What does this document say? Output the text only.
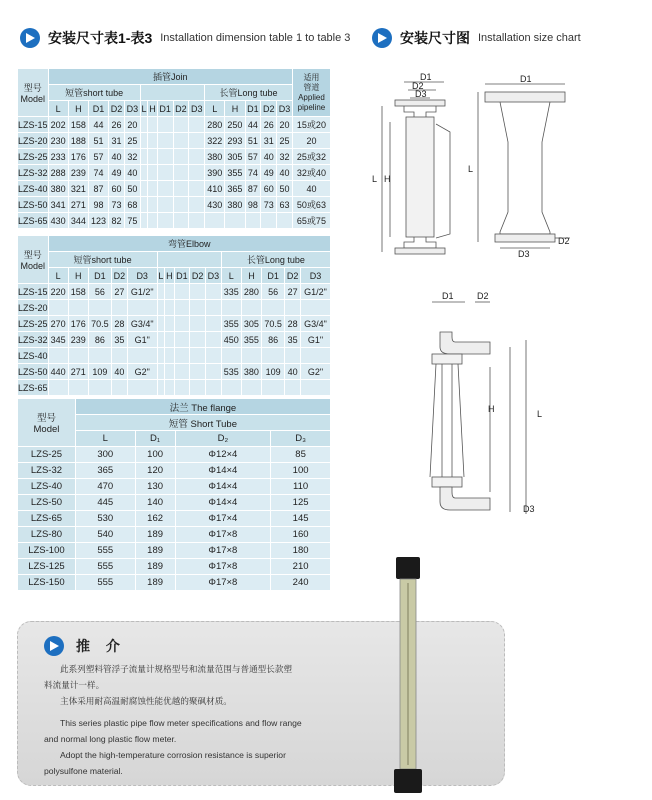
安装尺寸表1-表3 Installation dimension table 1 to table 3	安装尺寸图 Installation size chart
型号
Model	插管Join															适用
管道
Applied
pipeline
	短管short tube										长管Long tube					
	L	H	D1	D2	D3	L	H	D1	D2	D3	L	H	D1	D2	D3	
LZS-15	202	158	44	26	20						280	250	44	26	20	15或20
LZS-20	230	188	51	31	25						322	293	51	31	25	20
LZS-25	233	176	57	40	32						380	305	57	40	32	25或32
LZS-32	288	239	74	49	40						390	355	74	49	40	32或40
LZS-40	380	321	87	60	50						410	365	87	60	50	40
LZS-50	341	271	98	73	68						430	380	98	73	63	50或63
LZS-65	430	344	123	82	75											65或75
型号
Model	弯管Elbow														
	短管short tube										长管Long tube				
	L	H	D1	D2	D3	L	H	D1	D2	D3	L	H	D1	D2	D3
LZS-15	220	158	56	27	G1/2"						335	280	56	27	G1/2"
LZS-20															
LZS-25	270	176	70.5	28	G3/4"						355	305	70.5	28	G3/4"
LZS-32	345	239	86	35	G1"						450	355	86	35	G1"
LZS-40															
LZS-50	440	271	109	40	G2"						535	380	109	40	G2"
LZS-65															
型号
Model	法兰 The flange			
	短管 Short Tube			
	L	D₁	D₂	D₃
LZS-25	300	100	Φ12×4	85
LZS-32	365	120	Φ14×4	100
LZS-40	470	130	Φ14×4	110
LZS-50	445	140	Φ14×4	125
LZS-65	530	162	Φ17×4	145
LZS-80	540	189	Φ17×8	160
LZS-100	555	189	Φ17×8	180
LZS-125	555	189	Φ17×8	210
LZS-150	555	189	Φ17×8	240
D1
D2
D3
L H
D1
L
D2
D3
D1	D2
H	L
D3
推 介

此系列塑料管浮子流量计规格型号和流量范围与普通型长款塑

料流量计一样。

主体采用耐高温耐腐蚀性能优越的聚砜材质。

This series plastic pipe flow meter specifications and flow range

and normal long plastic flow meter.

Adopt the high-temperature corrosion resistance is superior

polysulfone material.
